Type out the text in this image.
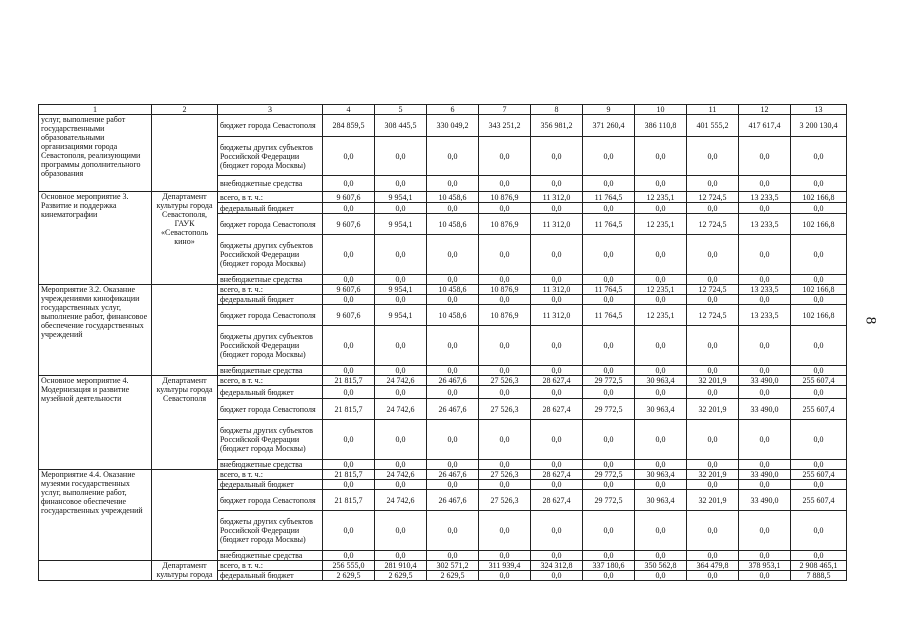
1	2	3	4	5	6	7	8	9	10	11	12	13
услуг, выполнение работ государственными образовательными организациями города Севастополя, реализующими программы дополнительного образования		бюджет города Севастополя	284 859,5	308 445,5	330 049,2	343 251,2	356 981,2	371 260,4	386 110,8	401 555,2	417 617,4	3 200 130,4
		бюджеты других субъектов Российской Федерации (бюджет города Москвы)	0,0	0,0	0,0	0,0	0,0	0,0	0,0	0,0	0,0	0,0
		внебюджетные средства	0,0	0,0	0,0	0,0	0,0	0,0	0,0	0,0	0,0	0,0
Основное мероприятие 3. Развитие и поддержка кинематографии	Департамент культуры города Севастополя, ГАУК «Севастополь кино»	всего, в т. ч.:	9 607,6	9 954,1	10 458,6	10 876,9	11 312,0	11 764,5	12 235,1	12 724,5	13 233,5	102 166,8
		федеральный бюджет	0,0	0,0	0,0	0,0	0,0	0,0	0,0	0,0	0,0	0,0
		бюджет города Севастополя	9 607,6	9 954,1	10 458,6	10 876,9	11 312,0	11 764,5	12 235,1	12 724,5	13 233,5	102 166,8
		бюджеты других субъектов Российской Федерации (бюджет города Москвы)	0,0	0,0	0,0	0,0	0,0	0,0	0,0	0,0	0,0	0,0
		внебюджетные средства	0,0	0,0	0,0	0,0	0,0	0,0	0,0	0,0	0,0	0,0
Мероприятие 3.2. Оказание учреждениями кинофикации государственных услуг, выполнение работ, финансовое обеспечение государственных учреждений		всего, в т. ч.:	9 607,6	9 954,1	10 458,6	10 876,9	11 312,0	11 764,5	12 235,1	12 724,5	13 233,5	102 166,8
		федеральный бюджет	0,0	0,0	0,0	0,0	0,0	0,0	0,0	0,0	0,0	0,0
		бюджет города Севастополя	9 607,6	9 954,1	10 458,6	10 876,9	11 312,0	11 764,5	12 235,1	12 724,5	13 233,5	102 166,8
		бюджеты других субъектов Российской Федерации (бюджет города Москвы)	0,0	0,0	0,0	0,0	0,0	0,0	0,0	0,0	0,0	0,0
		внебюджетные средства	0,0	0,0	0,0	0,0	0,0	0,0	0,0	0,0	0,0	0,0
Основное мероприятие 4. Модернизация и развитие музейной деятельности	Департамент культуры города Севастополя	всего, в т. ч.:	21 815,7	24 742,6	26 467,6	27 526,3	28 627,4	29 772,5	30 963,4	32 201,9	33 490,0	255 607,4
		федеральный бюджет	0,0	0,0	0,0	0,0	0,0	0,0	0,0	0,0	0,0	0,0
		бюджет города Севастополя	21 815,7	24 742,6	26 467,6	27 526,3	28 627,4	29 772,5	30 963,4	32 201,9	33 490,0	255 607,4
		бюджеты других субъектов Российской Федерации (бюджет города Москвы)	0,0	0,0	0,0	0,0	0,0	0,0	0,0	0,0	0,0	0,0
		внебюджетные средства	0,0	0,0	0,0	0,0	0,0	0,0	0,0	0,0	0,0	0,0
Мероприятие 4.4. Оказание музеями государственных услуг, выполнение работ, финансовое обеспечение государственных учреждений		всего, в т. ч.:	21 815,7	24 742,6	26 467,6	27 526,3	28 627,4	29 772,5	30 963,4	32 201,9	33 490,0	255 607,4
		федеральный бюджет	0,0	0,0	0,0	0,0	0,0	0,0	0,0	0,0	0,0	0,0
		бюджет города Севастополя	21 815,7	24 742,6	26 467,6	27 526,3	28 627,4	29 772,5	30 963,4	32 201,9	33 490,0	255 607,4
		бюджеты других субъектов Российской Федерации (бюджет города Москвы)	0,0	0,0	0,0	0,0	0,0	0,0	0,0	0,0	0,0	0,0
		внебюджетные средства	0,0	0,0	0,0	0,0	0,0	0,0	0,0	0,0	0,0	0,0
	Департамент культуры города	всего, в т. ч.:	256 555,0	281 910,4	302 571,2	311 939,4	324 312,8	337 180,6	350 562,8	364 479,8	378 953,1	2 908 465,1
		федеральный бюджет	2 629,5	2 629,5	2 629,5	0,0	0,0	0,0	0,0	0,0	0,0	7 888,5
8
